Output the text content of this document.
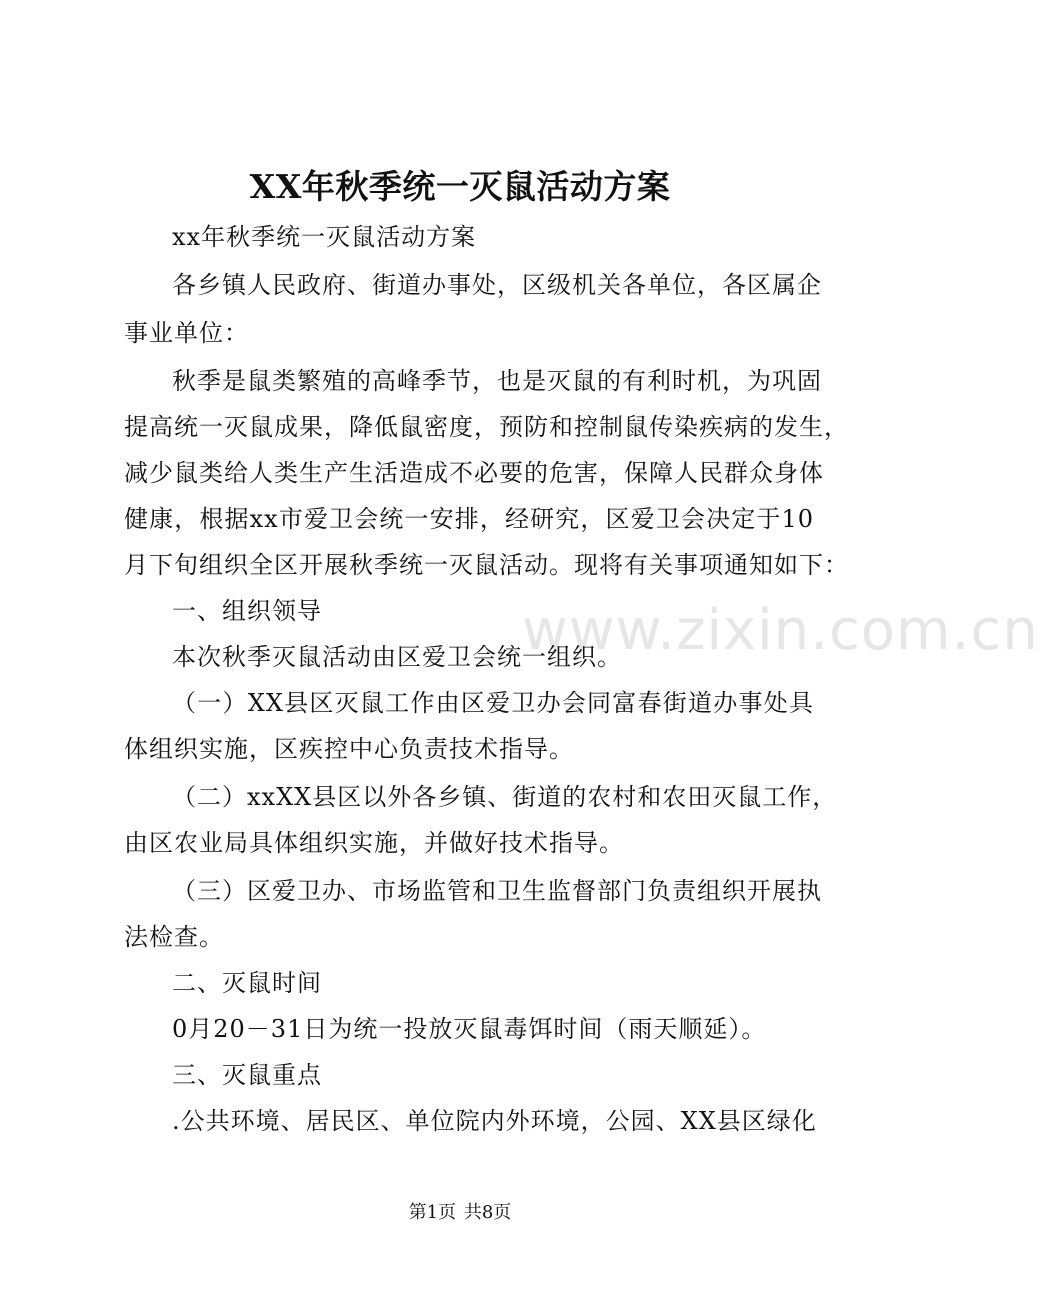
www.zixin.com.cn
XX年秋季统一灭鼠活动方案

xx年秋季统一灭鼠活动方案

各乡镇人民政府、街道办事处，区级机关各单位，各区属企

事业单位：

秋季是鼠类繁殖的高峰季节，也是灭鼠的有利时机，为巩固

提高统一灭鼠成果，降低鼠密度，预防和控制鼠传染疾病的发生，

减少鼠类给人类生产生活造成不必要的危害，保障人民群众身体

健康，根据xx市爱卫会统一安排，经研究，区爱卫会决定于10

月下旬组织全区开展秋季统一灭鼠活动。现将有关事项通知如下：

一、组织领导

本次秋季灭鼠活动由区爱卫会统一组织。

（一）XX县区灭鼠工作由区爱卫办会同富春街道办事处具

体组织实施，区疾控中心负责技术指导。

（二）xxXX县区以外各乡镇、街道的农村和农田灭鼠工作，

由区农业局具体组织实施，并做好技术指导。

（三）区爱卫办、市场监管和卫生监督部门负责组织开展执

法检查。

二、灭鼠时间

0月20－31日为统一投放灭鼠毒饵时间（雨天顺延）。

三、灭鼠重点

.公共环境、居民区、单位院内外环境，公园、XX县区绿化

第1页 共8页
